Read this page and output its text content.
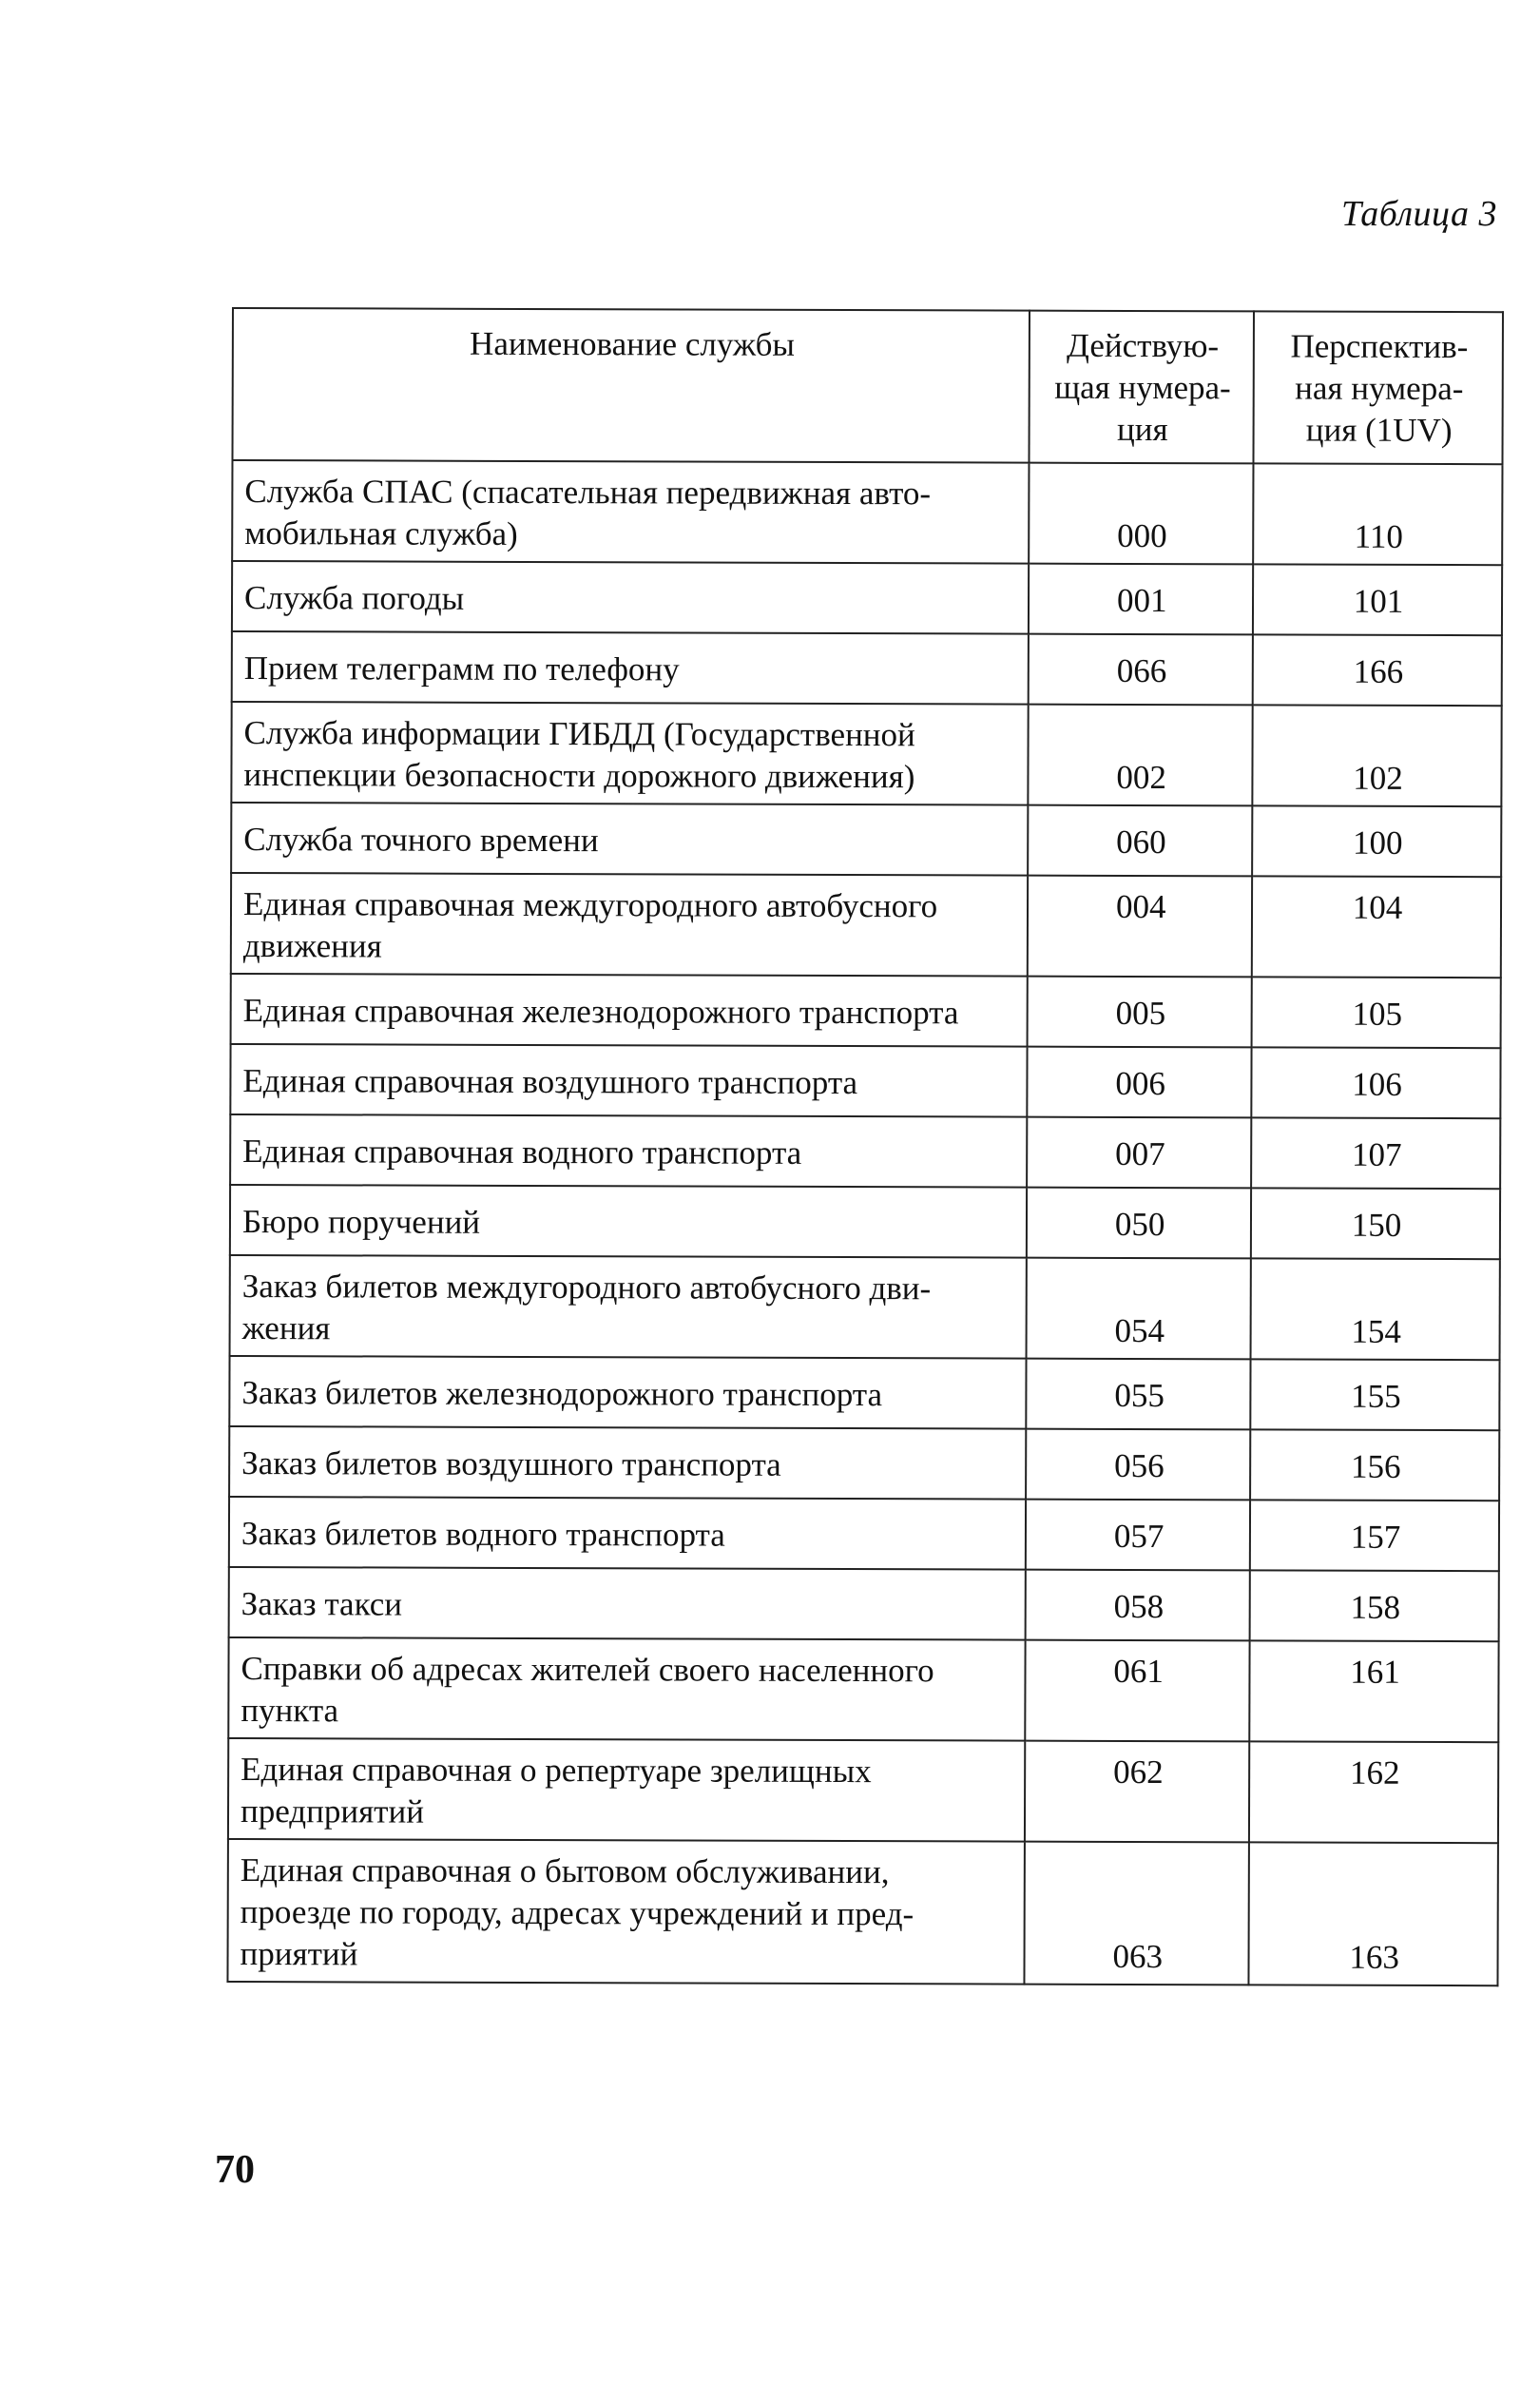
Таблица 3
Наименование службы	Действую-
щая нумера-
ция	Перспектив-
ная нумера-
ция (1UV)
Служба СПАС (спасательная передвижная авто-
мобильная служба)	000	110
Служба погоды	001	101
Прием телеграмм по телефону	066	166
Служба информации ГИБДД (Государственной
инспекции безопасности дорожного движения)	002	102
Служба точного времени	060	100
Единая справочная междугородного автобусного
движения	004	104
Единая справочная железнодорожного транспорта	005	105
Единая справочная воздушного транспорта	006	106
Единая справочная водного транспорта	007	107
Бюро поручений	050	150
Заказ билетов междугородного автобусного дви-
жения	054	154
Заказ билетов железнодорожного транспорта	055	155
Заказ билетов воздушного транспорта	056	156
Заказ билетов водного транспорта	057	157
Заказ такси	058	158
Справки об адресах жителей своего населенного
пункта	061	161
Единая справочная о репертуаре зрелищных
предприятий	062	162
Единая справочная о бытовом обслуживании,
проезде по городу, адресах учреждений и пред-
приятий	063	163
70
